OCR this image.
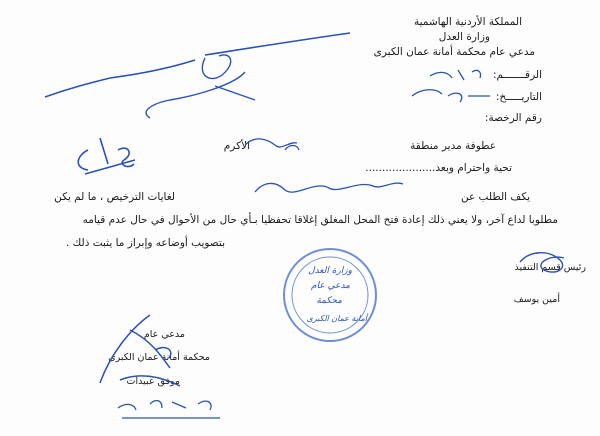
المملكة الأردنية الهاشمية
وزارة العدل
مدعي عام محكمة أمانة عمان الكبرى
الرقـــــــم:
التاريـــــخ:
رقم الرخصة:
عطوفة مدير منطقة
الأكرم
تحية واحترام وبعد.....................
يكف الطلب عن
لغايات الترخيص ، ما لم يكن
مطلوبا لداع آخر، ولا يعني ذلك إعادة فتح المحل المغلق إغلاقا تحفظيا بـأي حال من الأحوال في حال عدم قيامه
بتصويب أوضاعه وإبراز ما يثبت ذلك .
رئيس قسم التنفيذ
أمين يوسف
مدعي عام
محكمة أمانة عمان الكبرى
موفق عبيدات
وزارة العدل
مدعي عام
محكمة
أمانة عمان الكبرى
